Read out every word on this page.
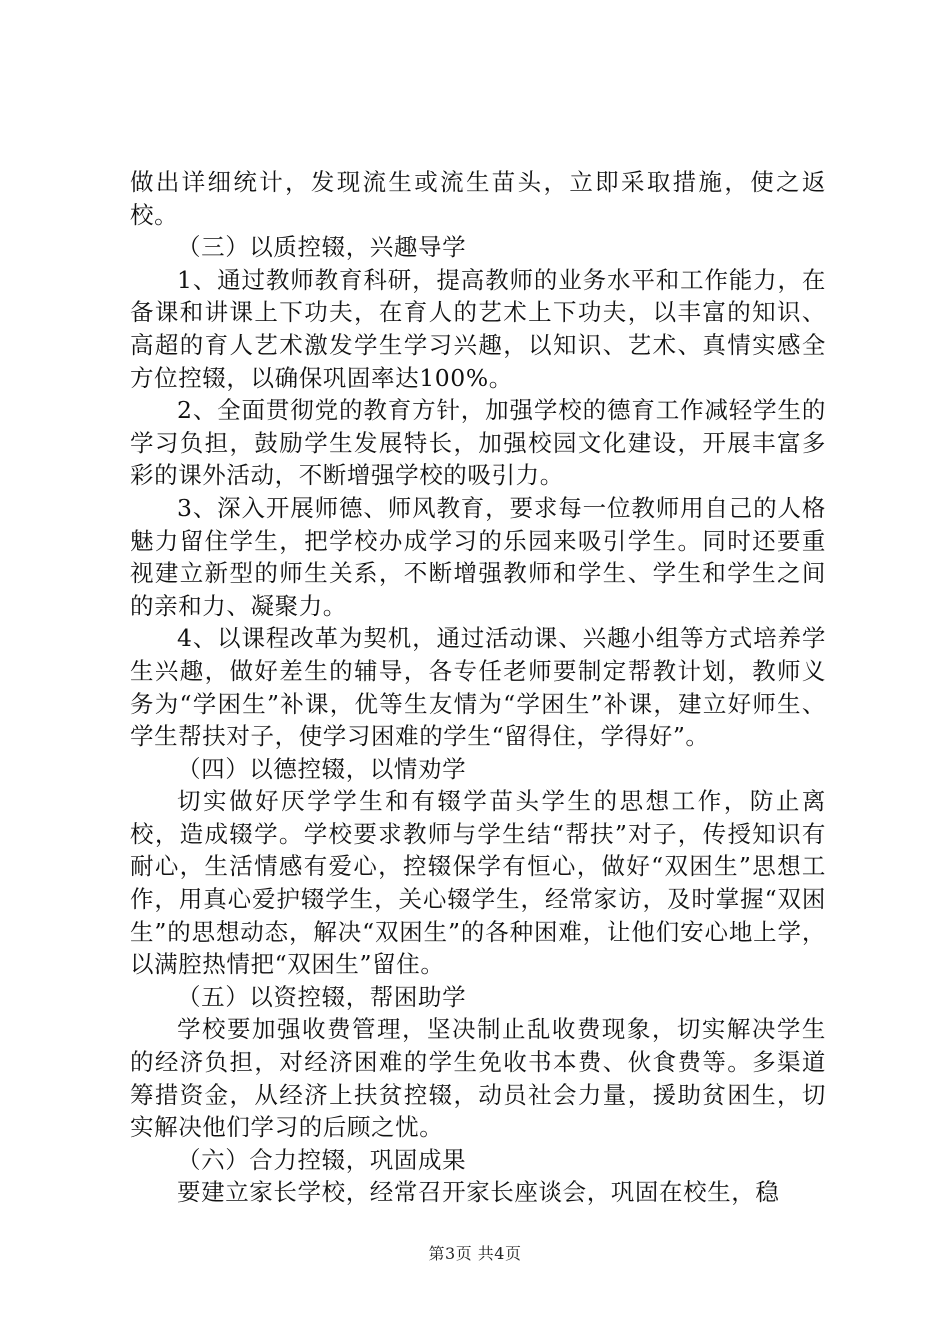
做出详细统计，发现流生或流生苗头，立即采取措施，使之返校。

（三）以质控辍，兴趣导学

1、通过教师教育科研，提高教师的业务水平和工作能力，在备课和讲课上下功夫，在育人的艺术上下功夫，以丰富的知识、高超的育人艺术激发学生学习兴趣，以知识、艺术、真情实感全方位控辍，以确保巩固率达100%。

2、全面贯彻党的教育方针，加强学校的德育工作减轻学生的学习负担，鼓励学生发展特长，加强校园文化建设，开展丰富多彩的课外活动，不断增强学校的吸引力。

3、深入开展师德、师风教育，要求每一位教师用自己的人格魅力留住学生，把学校办成学习的乐园来吸引学生。同时还要重视建立新型的师生关系，不断增强教师和学生、学生和学生之间的亲和力、凝聚力。

4、以课程改革为契机，通过活动课、兴趣小组等方式培养学生兴趣，做好差生的辅导，各专任老师要制定帮教计划，教师义务为“学困生”补课，优等生友情为“学困生”补课，建立好师生、学生帮扶对子，使学习困难的学生“留得住，学得好”。

（四）以德控辍，以情劝学

切实做好厌学学生和有辍学苗头学生的思想工作，防止离校，造成辍学。学校要求教师与学生结“帮扶”对子，传授知识有耐心，生活情感有爱心，控辍保学有恒心，做好“双困生”思想工作，用真心爱护辍学生，关心辍学生，经常家访，及时掌握“双困生”的思想动态，解决“双困生”的各种困难，让他们安心地上学，以满腔热情把“双困生”留住。

（五）以资控辍，帮困助学

学校要加强收费管理，坚决制止乱收费现象，切实解决学生的经济负担，对经济困难的学生免收书本费、伙食费等。多渠道筹措资金，从经济上扶贫控辍，动员社会力量，援助贫困生，切实解决他们学习的后顾之忧。

（六）合力控辍，巩固成果

要建立家长学校，经常召开家长座谈会，巩固在校生，稳

第3页 共4页
